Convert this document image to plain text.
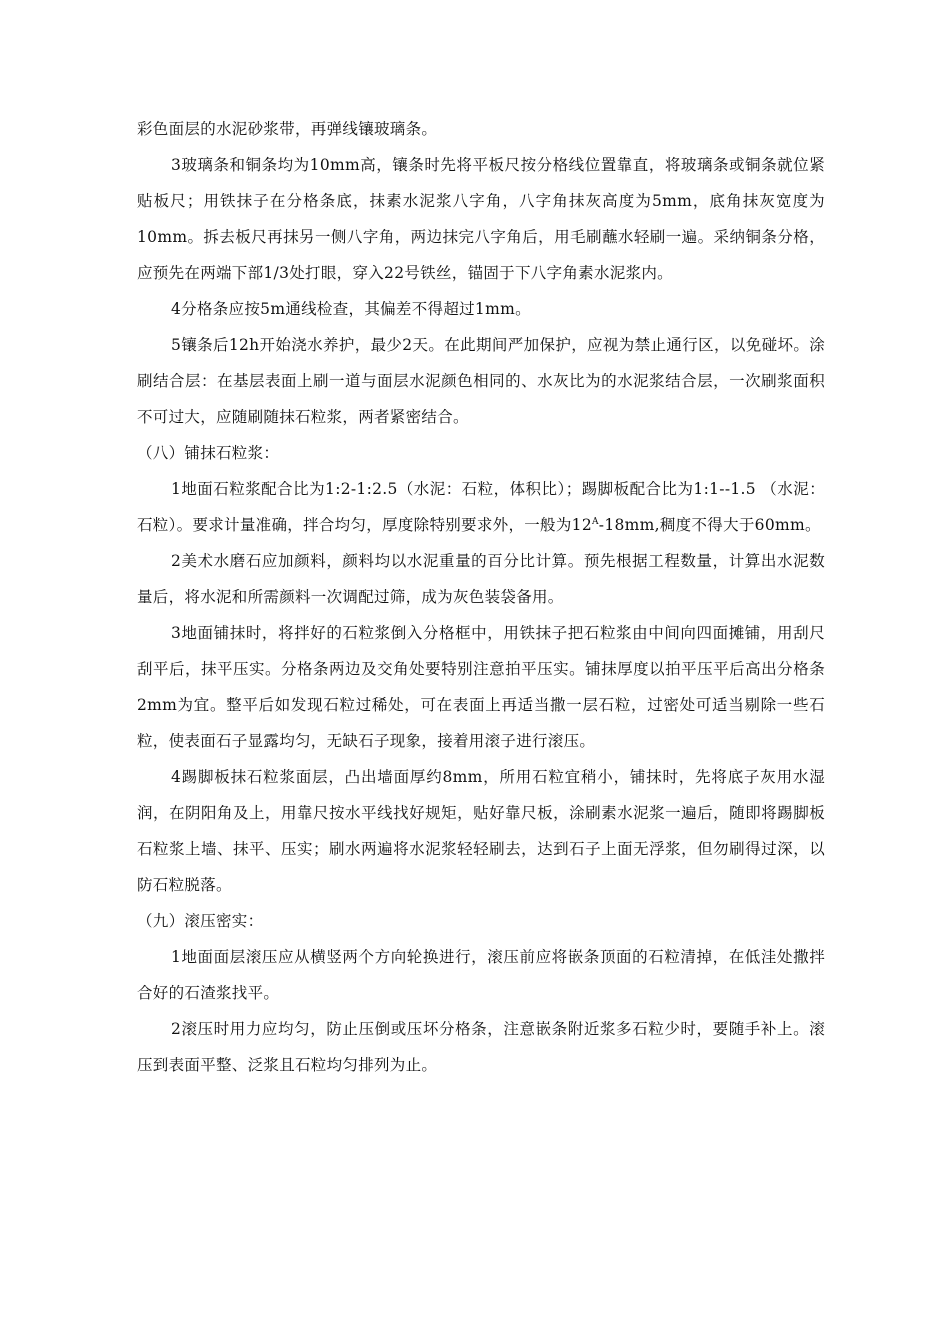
彩色面层的水泥砂浆带，再弹线镶玻璃条。

3玻璃条和铜条均为10mm高，镶条时先将平板尺按分格线位置靠直，将玻璃条或铜条就位紧贴板尺；用铁抹子在分格条底，抹素水泥浆八字角，八字角抹灰高度为5mm，底角抹灰宽度为10mm。拆去板尺再抹另一侧八字角，两边抹完八字角后，用毛刷蘸水轻刷一遍。采纳铜条分格，应预先在两端下部1/3处打眼，穿入22号铁丝，锚固于下八字角素水泥浆内。

4分格条应按5m通线检查，其偏差不得超过1mm。

5镶条后12h开始浇水养护，最少2天。在此期间严加保护，应视为禁止通行区，以免碰坏。涂刷结合层：在基层表面上刷一道与面层水泥颜色相同的、水灰比为的水泥浆结合层，一次刷浆面积不可过大，应随刷随抹石粒浆，两者紧密结合。

（八）铺抹石粒浆：

1地面石粒浆配合比为1:2-1:2.5（水泥：石粒，体积比）；踢脚板配合比为1:1--1.5 （水泥：石粒）。要求计量准确，拌合均匀，厚度除特别要求外，一般为$12^A-18mm$,稠度不得大于60mm。

2美术水磨石应加颜料，颜料均以水泥重量的百分比计算。预先根据工程数量，计算出水泥数量后，将水泥和所需颜料一次调配过筛，成为灰色装袋备用。

3地面铺抹时，将拌好的石粒浆倒入分格框中，用铁抹子把石粒浆由中间向四面摊铺，用刮尺刮平后，抹平压实。分格条两边及交角处要特别注意拍平压实。铺抹厚度以拍平压平后高出分格条2mm为宜。整平后如发现石粒过稀处，可在表面上再适当撒一层石粒，过密处可适当剔除一些石粒，使表面石子显露均匀，无缺石子现象，接着用滚子进行滚压。

4踢脚板抹石粒浆面层，凸出墙面厚约8mm，所用石粒宜稍小，铺抹时，先将底子灰用水湿润，在阴阳角及上，用靠尺按水平线找好规矩，贴好靠尺板，涂刷素水泥浆一遍后，随即将踢脚板石粒浆上墙、抹平、压实；刷水两遍将水泥浆轻轻刷去，达到石子上面无浮浆，但勿刷得过深，以防石粒脱落。

（九）滚压密实：

1地面面层滚压应从横竖两个方向轮换进行，滚压前应将嵌条顶面的石粒清掉，在低洼处撒拌合好的石渣浆找平。

2滚压时用力应均匀，防止压倒或压坏分格条，注意嵌条附近浆多石粒少时，要随手补上。滚压到表面平整、泛浆且石粒均匀排列为止。
